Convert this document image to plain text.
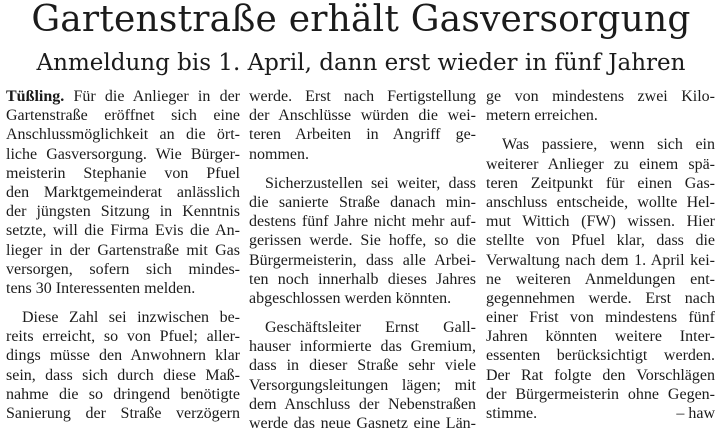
Gartenstraße erhält Gasversorgung
Anmeldung bis 1. April, dann erst wieder in fünf Jahren
Tüßling. Für die Anlieger in der
Gartenstraße eröffnet sich eine
Anschlussmöglichkeit an die ört-
liche Gasversorgung. Wie Bürger-
meisterin Stephanie von Pfuel
den Marktgemeinderat anlässlich
der jüngsten Sitzung in Kenntnis
setzte, will die Firma Evis die An-
lieger in der Gartenstraße mit Gas
versorgen, sofern sich mindes-
tens 30 Interessenten melden.
Diese Zahl sei inzwischen be-
reits erreicht, so von Pfuel; aller-
dings müsse den Anwohnern klar
sein, dass sich durch diese Maß-
nahme die so dringend benötigte
Sanierung der Straße verzögern
werde. Erst nach Fertigstellung
der Anschlüsse würden die wei-
teren Arbeiten in Angriff ge-
nommen.
Sicherzustellen sei weiter, dass
die sanierte Straße danach min-
destens fünf Jahre nicht mehr auf-
gerissen werde. Sie hoffe, so die
Bürgermeisterin, dass alle Arbei-
ten noch innerhalb dieses Jahres
abgeschlossen werden könnten.
Geschäftsleiter Ernst Gall-
hauser informierte das Gremium,
dass in dieser Straße sehr viele
Versorgungsleitungen lägen; mit
dem Anschluss der Nebenstraßen
werde das neue Gasnetz eine Län-
ge von mindestens zwei Kilo-
metern erreichen.
Was passiere, wenn sich ein
weiterer Anlieger zu einem spä-
teren Zeitpunkt für einen Gas-
anschluss entscheide, wollte Hel-
mut Wittich (FW) wissen. Hier
stellte von Pfuel klar, dass die
Verwaltung nach dem 1. April kei-
ne weiteren Anmeldungen ent-
gegennehmen werde. Erst nach
einer Frist von mindestens fünf
Jahren könnten weitere Inter-
essenten berücksichtigt werden.
Der Rat folgte den Vorschlägen
der Bürgermeisterin ohne Gegen-
stimme.	– haw
